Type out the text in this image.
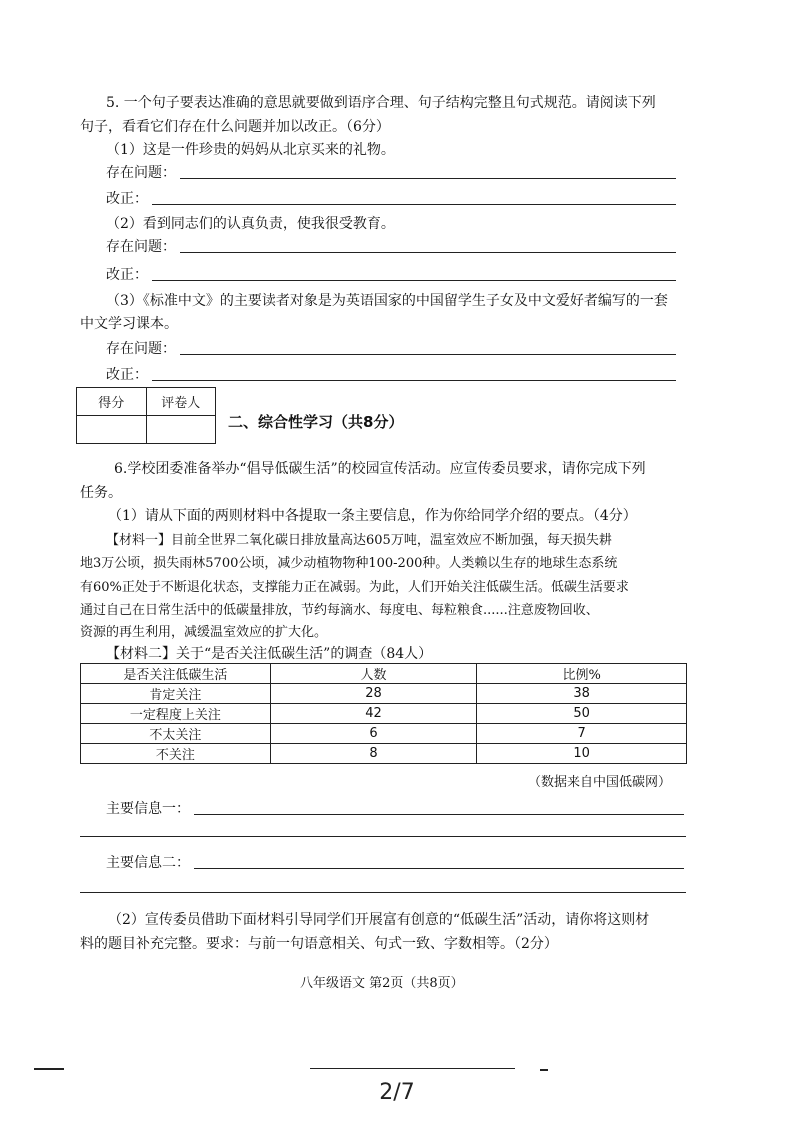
5. 一个句子要表达准确的意思就要做到语序合理、句子结构完整且句式规范。请阅读下列
句子，看看它们存在什么问题并加以改正。（6分）
（1）这是一件珍贵的妈妈从北京买来的礼物。
存在问题：
改正：
（2）看到同志们的认真负责，使我很受教育。
存在问题：
改正：
（3）《标准中文》的主要读者对象是为英语国家的中国留学生子女及中文爱好者编写的一套
中文学习课本。
存在问题：
改正：
得分	评卷人

二、综合性学习（共8分）
6.学校团委准备举办“倡导低碳生活”的校园宣传活动。应宣传委员要求，请你完成下列
任务。
（1）请从下面的两则材料中各提取一条主要信息，作为你给同学介绍的要点。（4分）
【材料一】目前全世界二氧化碳日排放量高达605万吨，温室效应不断加强，每天损失耕
地3万公顷，损失雨林5700公顷，减少动植物物种100-200种。人类赖以生存的地球生态系统
有60%正处于不断退化状态，支撑能力正在减弱。为此，人们开始关注低碳生活。低碳生活要求
通过自己在日常生活中的低碳量排放，节约每滴水、每度电、每粒粮食......注意废物回收、
资源的再生利用，减缓温室效应的扩大化。
【材料二】关于“是否关注低碳生活”的调查（84人）
是否关注低碳生活	人数	比例%
肯定关注	28	38
一定程度上关注	42	50
不太关注	6	7
不关注	8	10
（数据来自中国低碳网）
主要信息一：
主要信息二：
（2）宣传委员借助下面材料引导同学们开展富有创意的“低碳生活”活动，请你将这则材
料的题目补充完整。要求：与前一句语意相关、句式一致、字数相等。（2分）
八年级语文 第2页（共8页）
2/7
